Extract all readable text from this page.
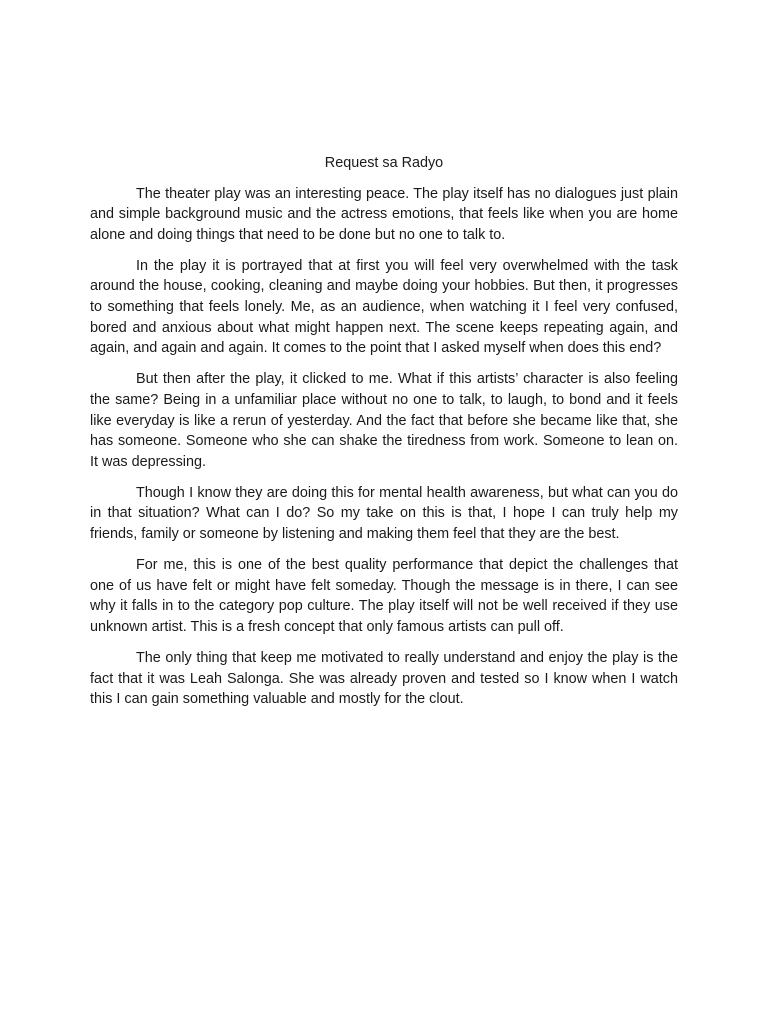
Request sa Radyo

The theater play was an interesting peace. The play itself has no dialogues just plain and simple background music and the actress emotions, that feels like when you are home alone and doing things that need to be done but no one to talk to.

In the play it is portrayed that at first you will feel very overwhelmed with the task around the house, cooking, cleaning and maybe doing your hobbies. But then, it progresses to something that feels lonely. Me, as an audience, when watching it I feel very confused, bored and anxious about what might happen next. The scene keeps repeating again, and again, and again and again. It comes to the point that I asked myself when does this end?

But then after the play, it clicked to me. What if this artists’ character is also feeling the same? Being in a unfamiliar place without no one to talk, to laugh, to bond and it feels like everyday is like a rerun of yesterday. And the fact that before she became like that, she has someone. Someone who she can shake the tiredness from work. Someone to lean on. It was depressing.

Though I know they are doing this for mental health awareness, but what can you do in that situation? What can I do? So my take on this is that, I hope I can truly help my friends, family or someone by listening and making them feel that they are the best.

For me, this is one of the best quality performance that depict the challenges that one of us have felt or might have felt someday. Though the message is in there, I can see why it falls in to the category pop culture. The play itself will not be well received if they use unknown artist. This is a fresh concept that only famous artists can pull off.

The only thing that keep me motivated to really understand and enjoy the play is the fact that it was Leah Salonga. She was already proven and tested so I know when I watch this I can gain something valuable and mostly for the clout.
